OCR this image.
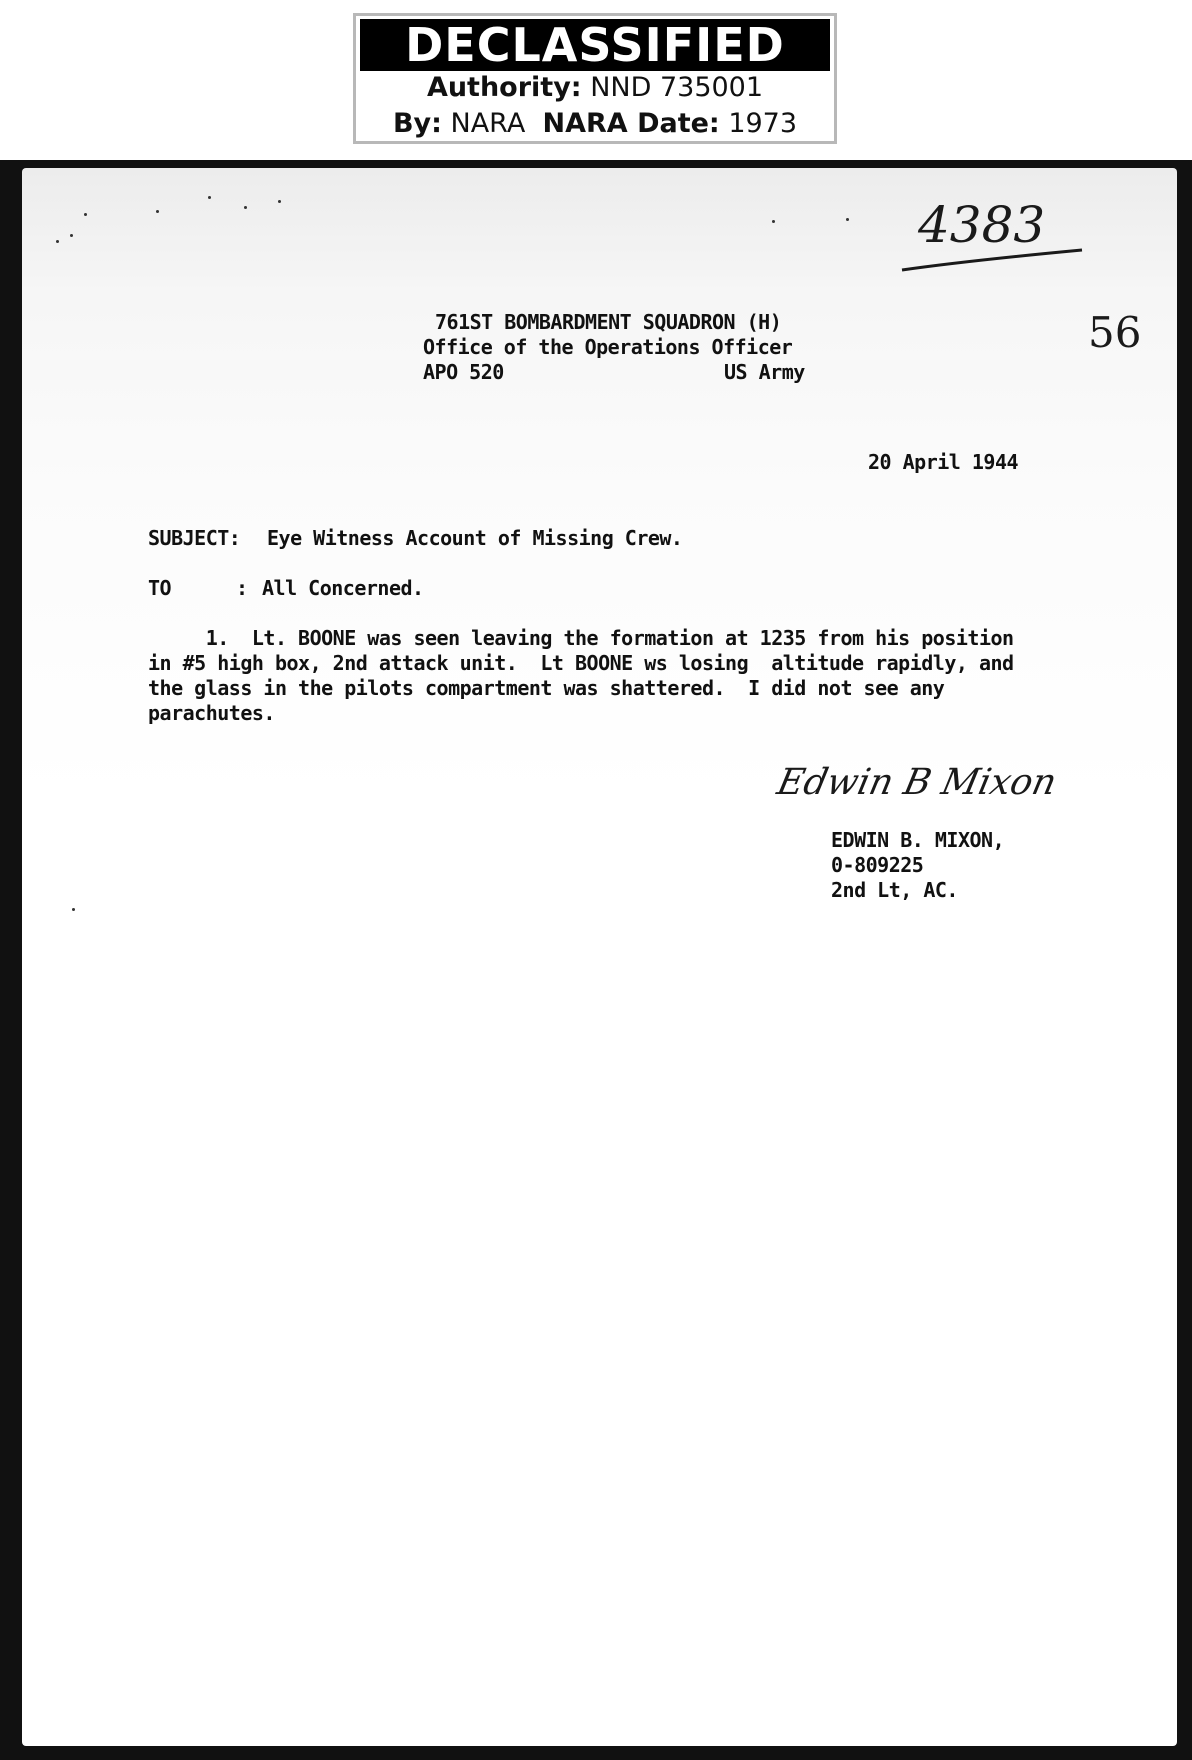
DECLASSIFIED
Authority: NND 735001
By: NARA NARA Date: 1973
4383
56
761ST BOMBARDMENT SQUADRON (H)
Office of the Operations Officer
APO 520	US Army
20 April 1944
SUBJECT: Eye Witness Account of Missing Crew.
TO	: All Concerned.
1.  Lt. BOONE was seen leaving the formation at 1235 from his position
in #5 high box, 2nd attack unit.  Lt BOONE ws losing  altitude rapidly, and
the glass in the pilots compartment was shattered.  I did not see any
parachutes.
Edwin B Mixon
EDWIN B. MIXON,
0-809225
2nd Lt, AC.
